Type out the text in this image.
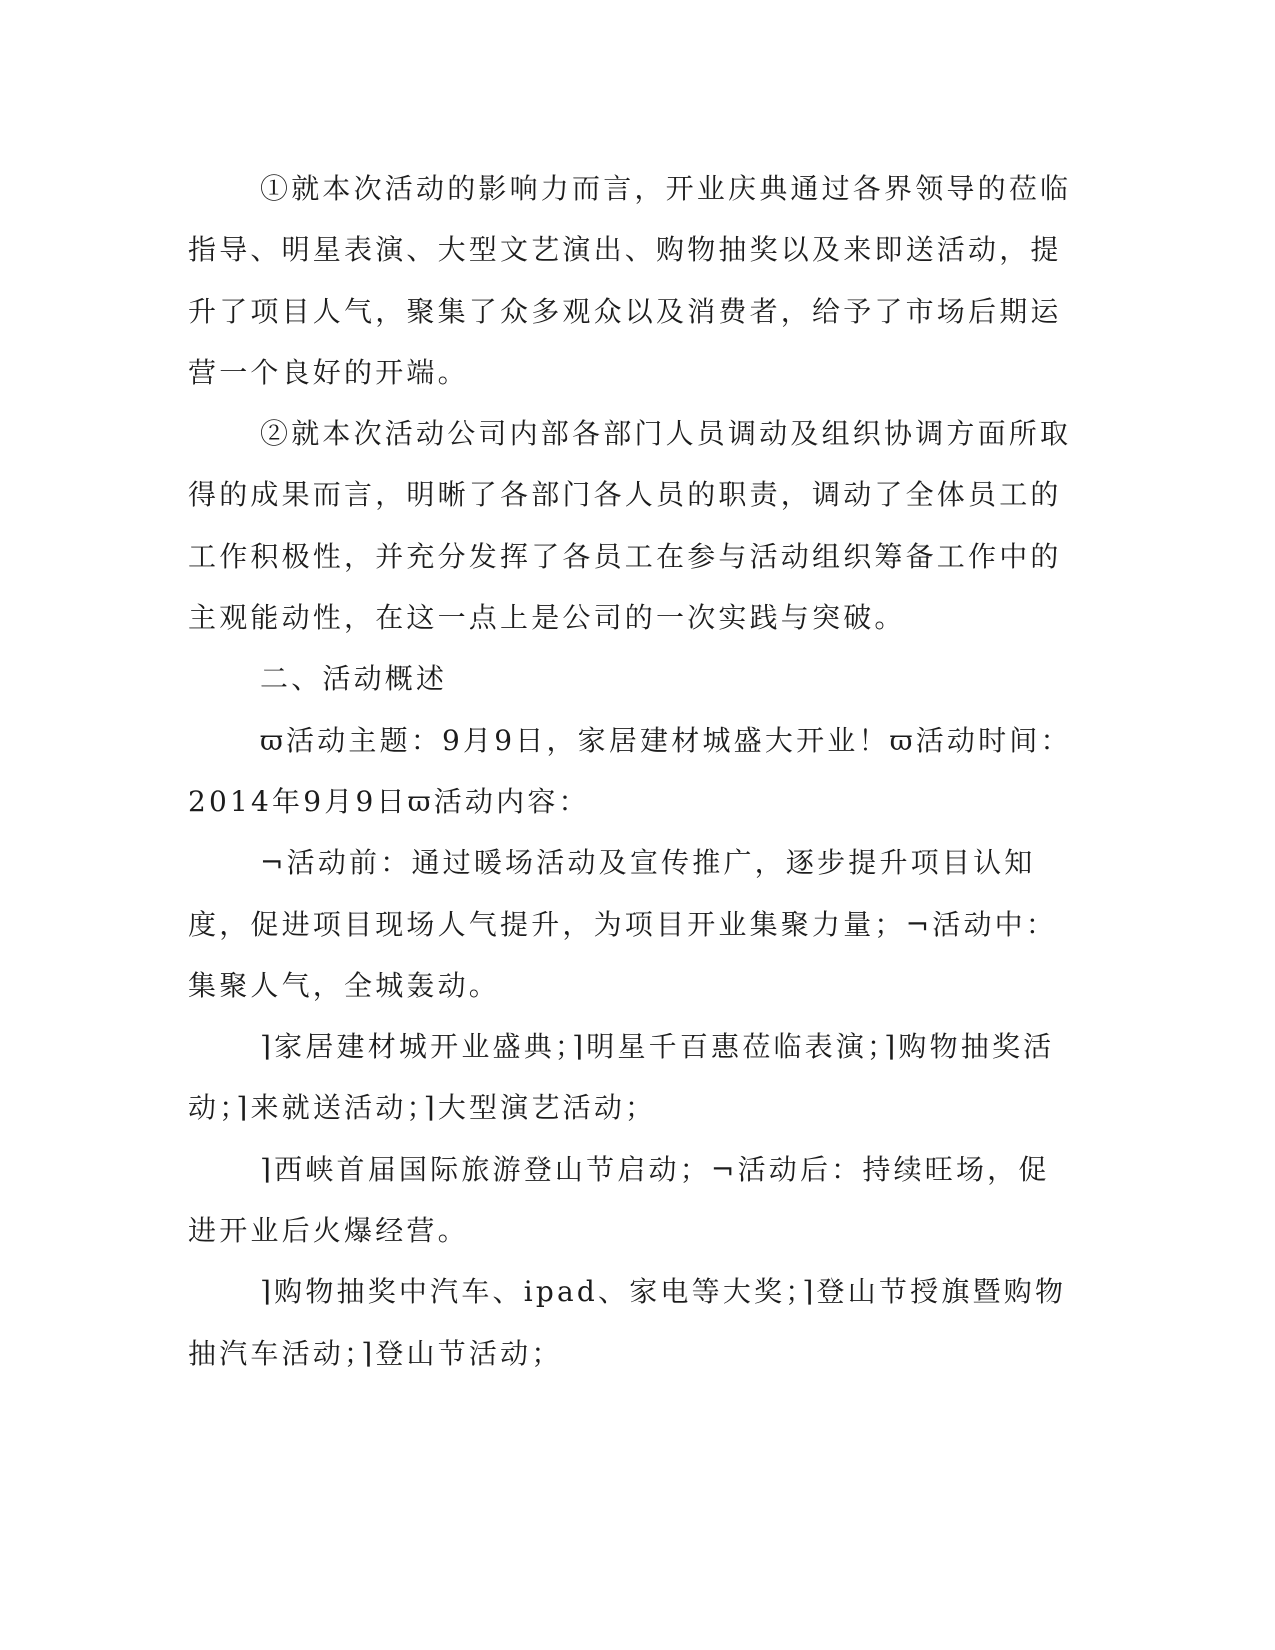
①就本次活动的影响力而言，开业庆典通过各界领导的莅临指导、明星表演、大型文艺演出、购物抽奖以及来即送活动，提升了项目人气，聚集了众多观众以及消费者，给予了市场后期运营一个良好的开端。

②就本次活动公司内部各部门人员调动及组织协调方面所取得的成果而言，明晰了各部门各人员的职责，调动了全体员工的工作积极性，并充分发挥了各员工在参与活动组织筹备工作中的主观能动性，在这一点上是公司的一次实践与突破。

二、活动概述

ϖ活动主题：9月9日，家居建材城盛大开业！ϖ活动时间：2014年9月9日ϖ活动内容：

¬活动前：通过暖场活动及宣传推广，逐步提升项目认知度，促进项目现场人气提升，为项目开业集聚力量；¬活动中：集聚人气，全城轰动。

⌉家居建材城开业盛典；⌉明星千百惠莅临表演；⌉购物抽奖活动；⌉来就送活动；⌉大型演艺活动；

⌉西峡首届国际旅游登山节启动；¬活动后：持续旺场，促进开业后火爆经营。

⌉购物抽奖中汽车、ipad、家电等大奖；⌉登山节授旗暨购物抽汽车活动；⌉登山节活动；
